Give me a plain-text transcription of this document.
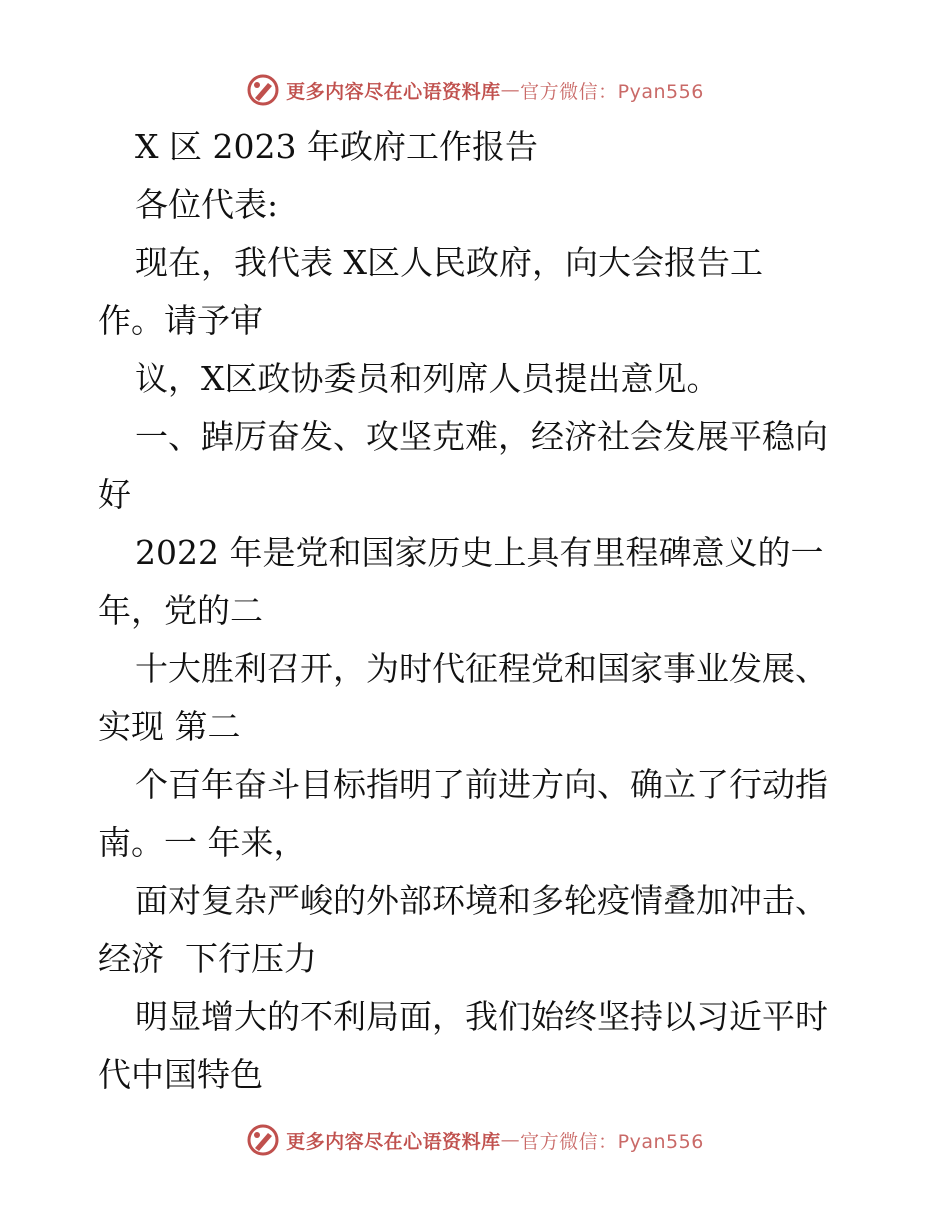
更多内容尽在心语资料库 — 官方微信：Pyan556
X 区 2023 年政府工作报告
各位代表:
现在，我代表 X区人民政府，向大会报告工
作。请予审
议，X区政协委员和列席人员提出意见。
一、踔厉奋发、攻坚克难，经济社会发展平稳向
好
2022 年是党和国家历史上具有里程碑意义的一
年，党的二
十大胜利召开，为时代征程党和国家事业发展、
实现 第二
个百年奋斗目标指明了前进方向、确立了行动指
南。一 年来，
面对复杂严峻的外部环境和多轮疫情叠加冲击、
经济  下行压力
明显增大的不利局面，我们始终坚持以习近平时
代中国特色
更多内容尽在心语资料库 — 官方微信：Pyan556
